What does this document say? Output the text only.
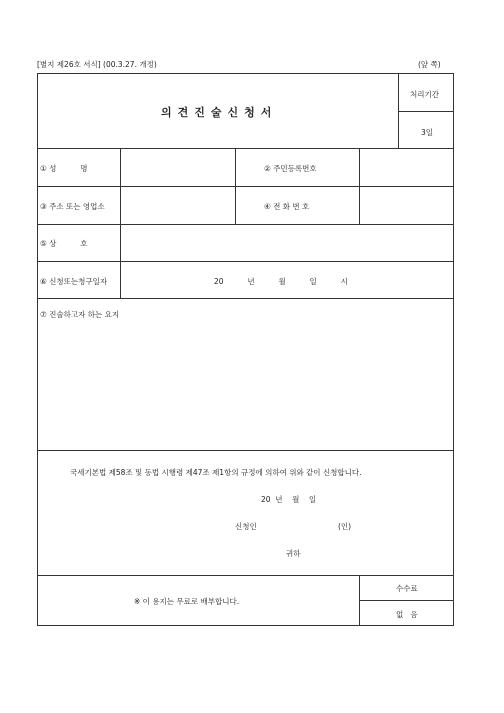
[별지 제26호 서식] (00.3.27. 개정)	(앞 쪽)
의견진술신청서
처리기간
3일
① 성          명	② 주민등록번호
③ 주소 또는 영업소	④ 전 화 번 호
⑤ 상          호
⑥ 신청또는청구일자	20          년          월          일          시
⑦ 진술하고자 하는 요지
국세기본법 제58조 및 동법 시행령 제47조 제1항의 규정에 의하여 위와 같이 신청합니다.
20  년    월    일
신청인	(인)
귀하
※ 이 용지는 무료로 배부합니다.
수수료
없   음
